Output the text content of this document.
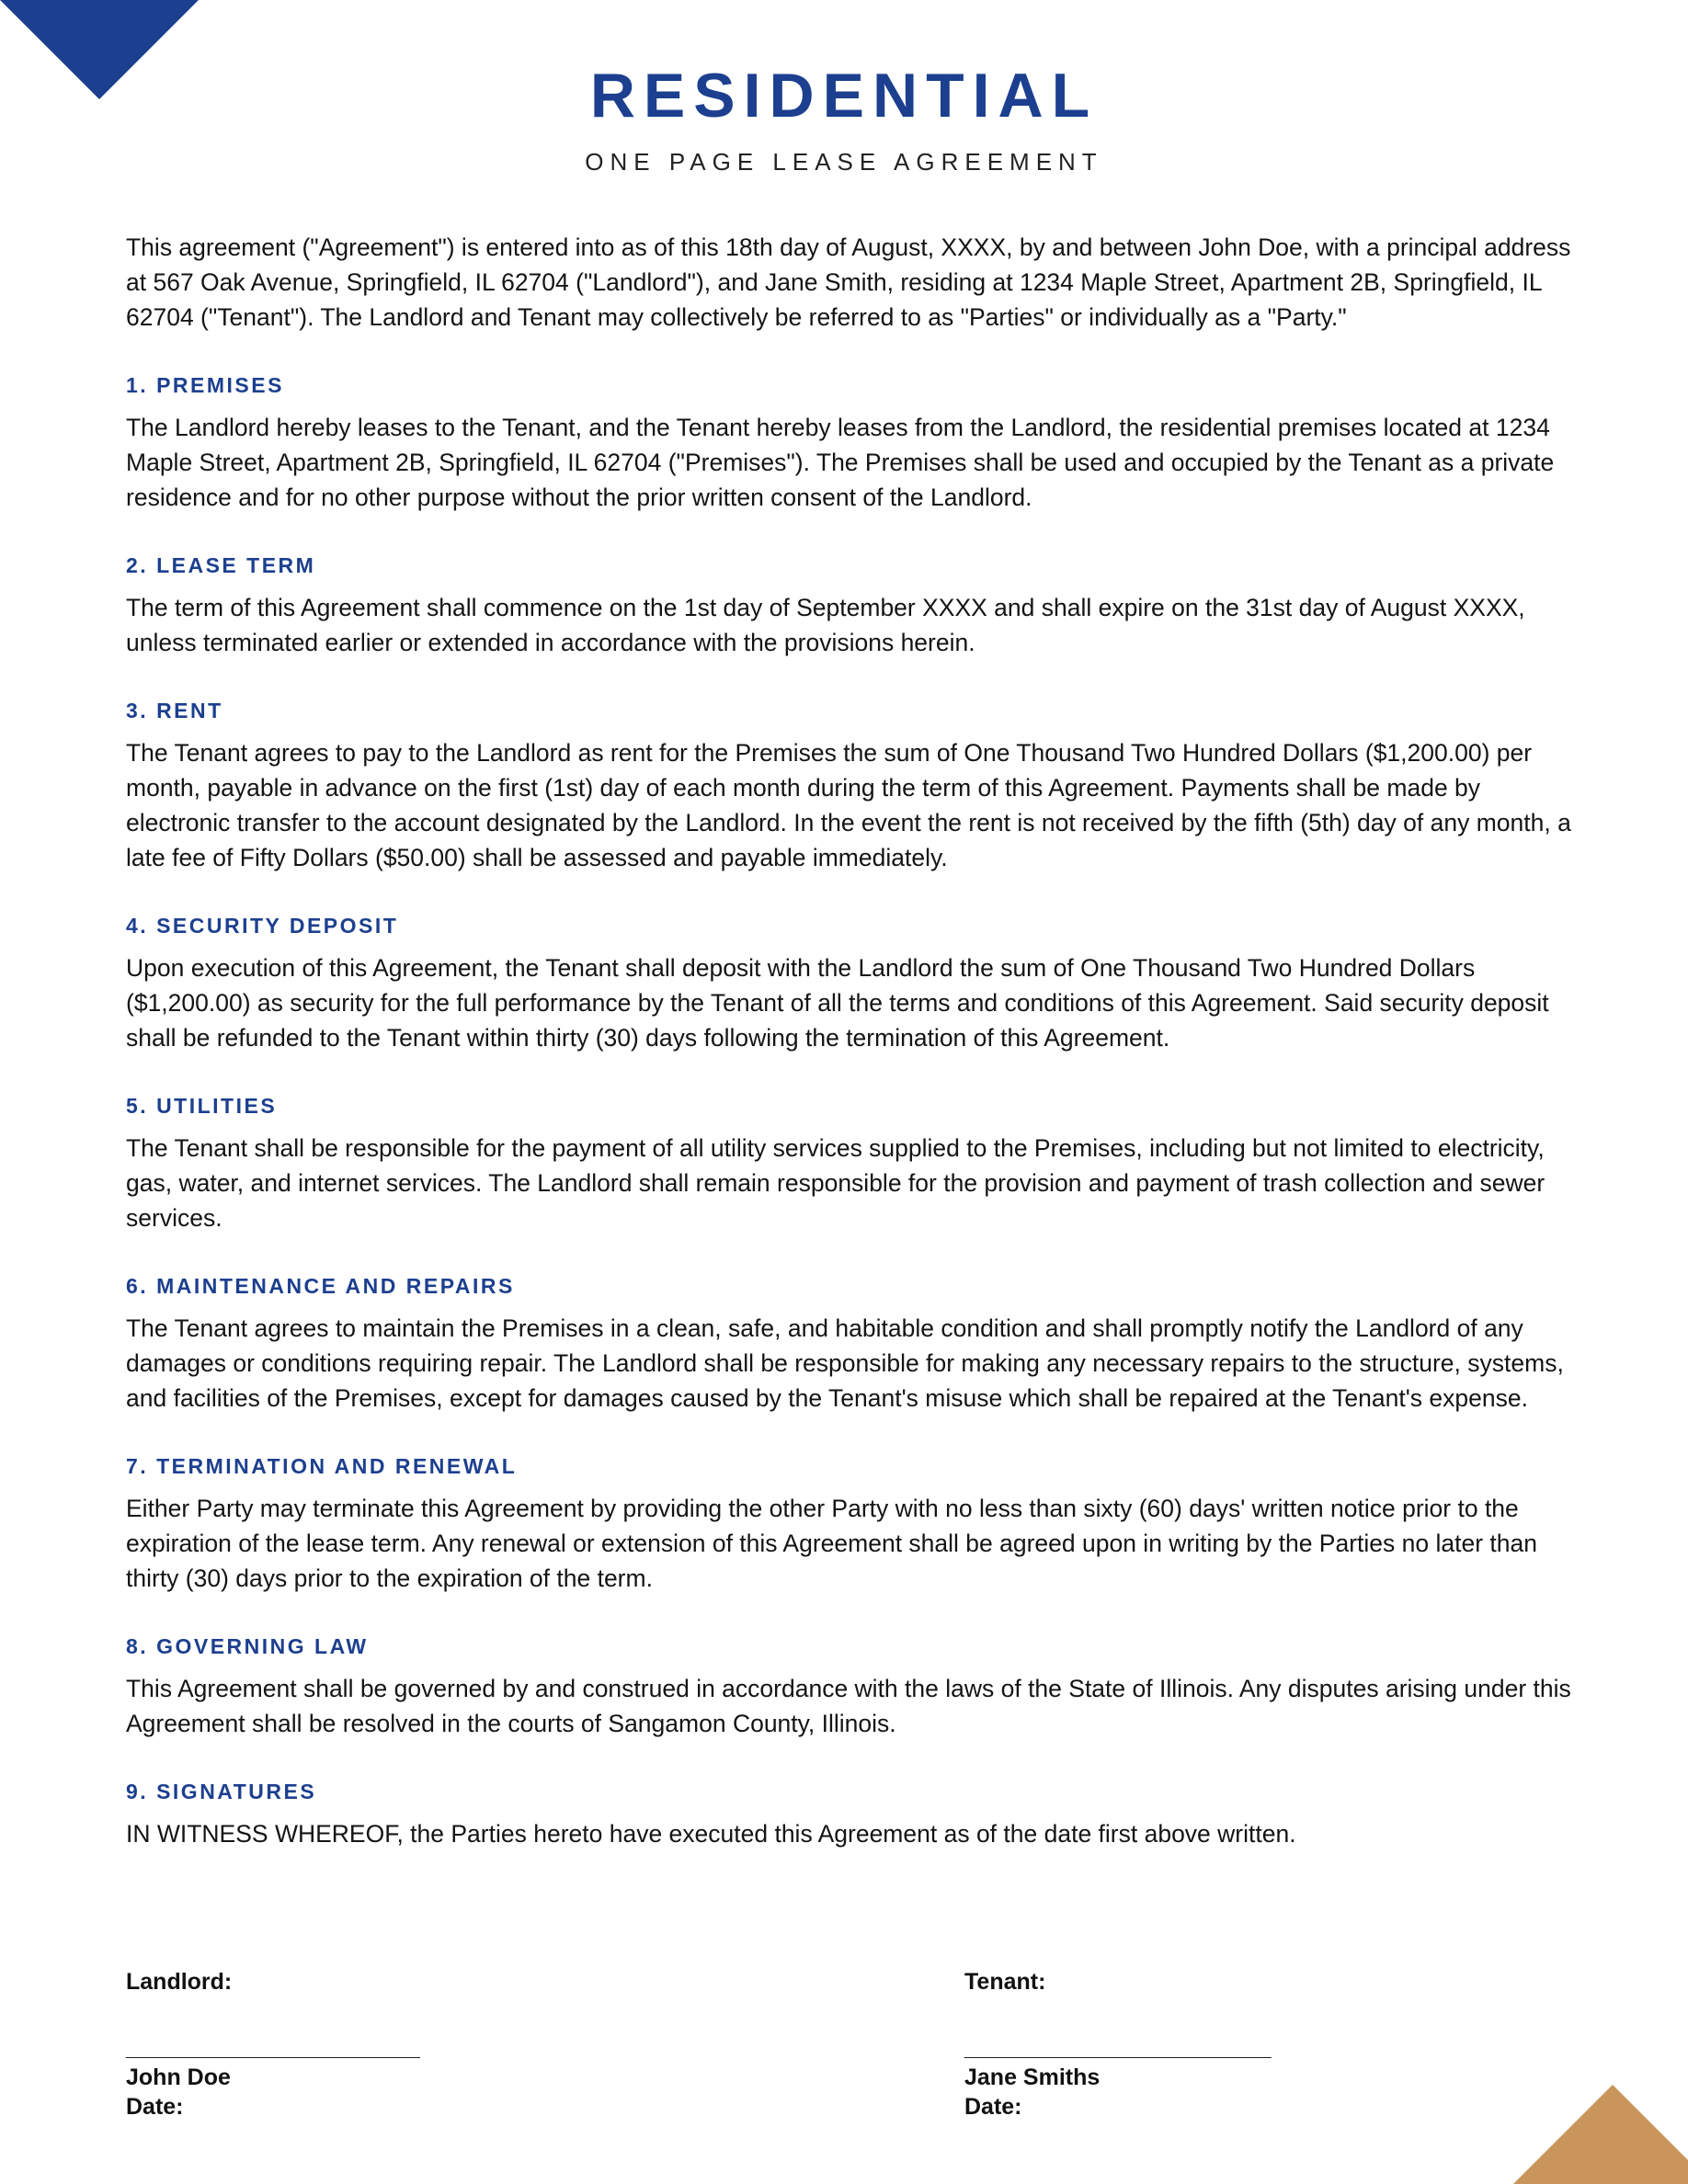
RESIDENTIAL
ONE PAGE LEASE AGREEMENT

This agreement ("Agreement") is entered into as of this 18th day of August, XXXX, by and between John Doe, with a principal address at 567 Oak Avenue, Springfield, IL 62704 ("Landlord"), and Jane Smith, residing at 1234 Maple Street, Apartment 2B, Springfield, IL 62704 ("Tenant"). The Landlord and Tenant may collectively be referred to as "Parties" or individually as a "Party."

1. PREMISES

The Landlord hereby leases to the Tenant, and the Tenant hereby leases from the Landlord, the residential premises located at 1234 Maple Street, Apartment 2B, Springfield, IL 62704 ("Premises"). The Premises shall be used and occupied by the Tenant as a private residence and for no other purpose without the prior written consent of the Landlord.

2. LEASE TERM

The term of this Agreement shall commence on the 1st day of September XXXX and shall expire on the 31st day of August XXXX, unless terminated earlier or extended in accordance with the provisions herein.

3. RENT

The Tenant agrees to pay to the Landlord as rent for the Premises the sum of One Thousand Two Hundred Dollars ($1,200.00) per month, payable in advance on the first (1st) day of each month during the term of this Agreement. Payments shall be made by electronic transfer to the account designated by the Landlord. In the event the rent is not received by the fifth (5th) day of any month, a late fee of Fifty Dollars ($50.00) shall be assessed and payable immediately.

4. SECURITY DEPOSIT

Upon execution of this Agreement, the Tenant shall deposit with the Landlord the sum of One Thousand Two Hundred Dollars ($1,200.00) as security for the full performance by the Tenant of all the terms and conditions of this Agreement. Said security deposit shall be refunded to the Tenant within thirty (30) days following the termination of this Agreement.

5. UTILITIES

The Tenant shall be responsible for the payment of all utility services supplied to the Premises, including but not limited to electricity, gas, water, and internet services. The Landlord shall remain responsible for the provision and payment of trash collection and sewer services.

6. MAINTENANCE AND REPAIRS

The Tenant agrees to maintain the Premises in a clean, safe, and habitable condition and shall promptly notify the Landlord of any damages or conditions requiring repair. The Landlord shall be responsible for making any necessary repairs to the structure, systems, and facilities of the Premises, except for damages caused by the Tenant's misuse which shall be repaired at the Tenant's expense.

7. TERMINATION AND RENEWAL

Either Party may terminate this Agreement by providing the other Party with no less than sixty (60) days' written notice prior to the expiration of the lease term. Any renewal or extension of this Agreement shall be agreed upon in writing by the Parties no later than thirty (30) days prior to the expiration of the term.

8. GOVERNING LAW

This Agreement shall be governed by and construed in accordance with the laws of the State of Illinois. Any disputes arising under this Agreement shall be resolved in the courts of Sangamon County, Illinois.

9. SIGNATURES

IN WITNESS WHEREOF, the Parties hereto have executed this Agreement as of the date first above written.

Landlord:
_______________________
John Doe
Date:
Tenant:
________________________
Jane Smiths
Date:
